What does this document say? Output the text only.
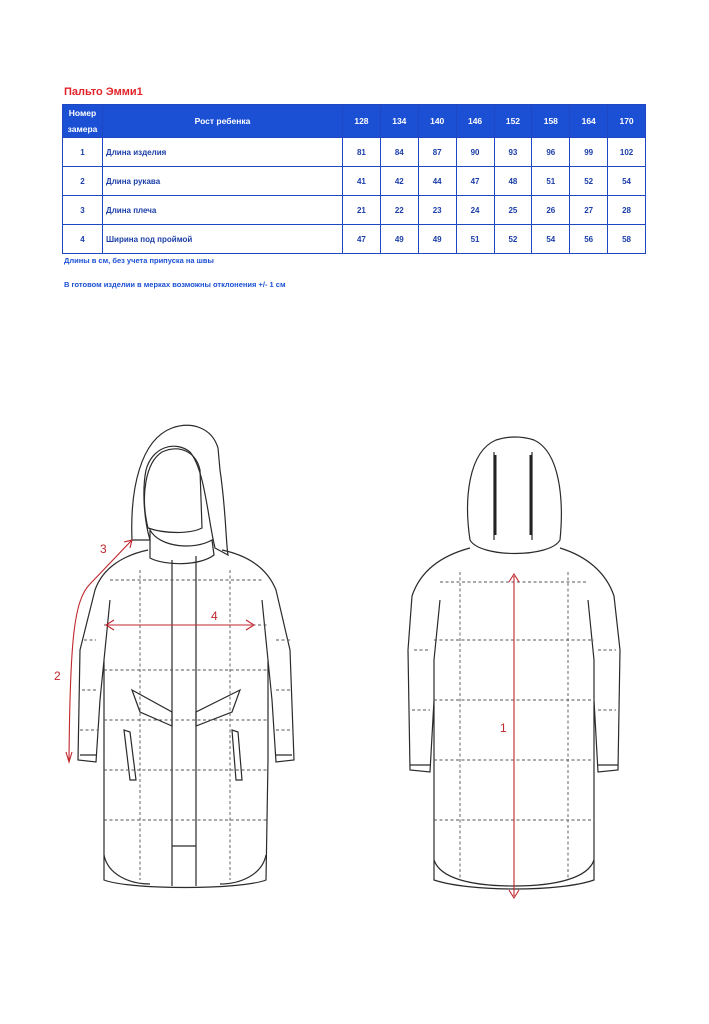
Пальто Эмми1
Номер
замера	Рост ребенка	128	134	140	146	152	158	164	170
1	Длина изделия	81	84	87	90	93	96	99	102
2	Длина рукава	41	42	44	47	48	51	52	54
3	Длина плеча	21	22	23	24	25	26	27	28
4	Ширина под проймой	47	49	49	51	52	54	56	58
Длины в см, без учета припуска на швы
В готовом изделии в мерках возможны отклонения +/- 1 см
1
2
3
4
